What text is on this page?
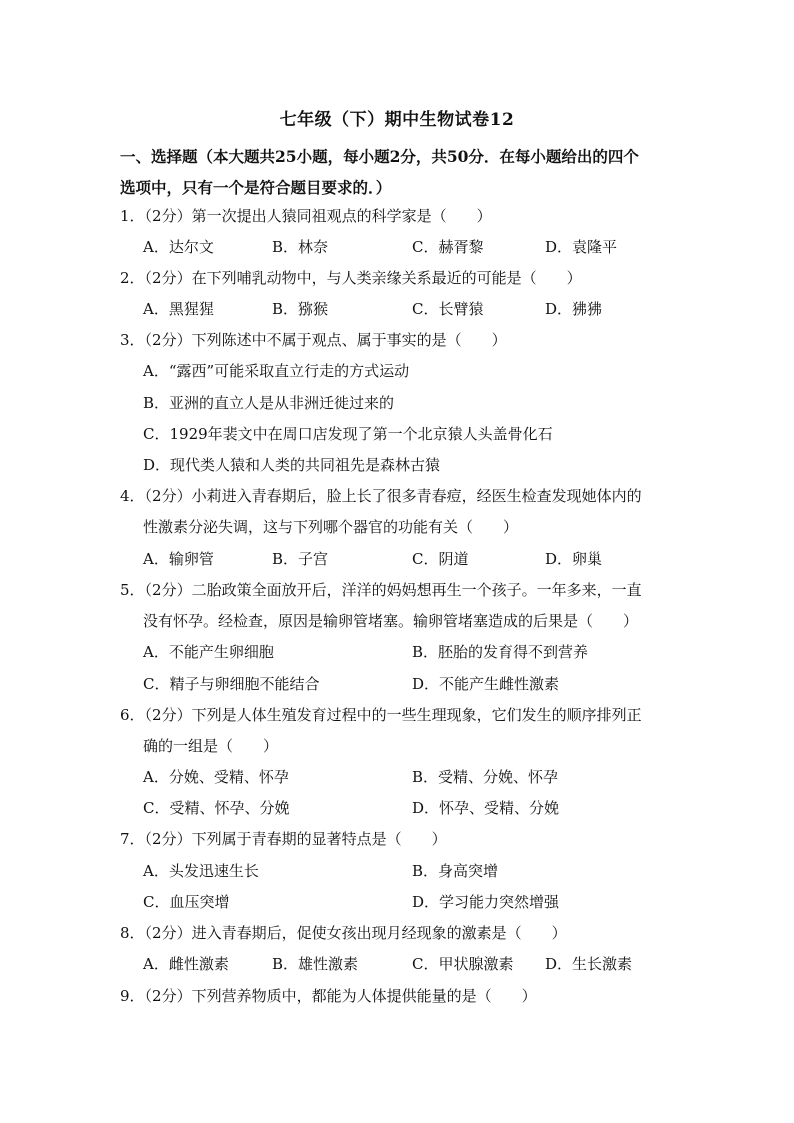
七年级（下）期中生物试卷12
一、选择题（本大题共25小题，每小题2分，共50分．在每小题给出的四个
选项中，只有一个是符合题目要求的．）
1．（2分）第一次提出人猿同祖观点的科学家是（　　）
A．达尔文	B．林奈	C．赫胥黎	D．袁隆平
2．（2分）在下列哺乳动物中，与人类亲缘关系最近的可能是（　　）
A．黑猩猩	B．猕猴	C．长臂猿	D．狒狒
3．（2分）下列陈述中不属于观点、属于事实的是（　　）
A．“露西”可能采取直立行走的方式运动
B．亚洲的直立人是从非洲迁徙过来的
C．1929年裴文中在周口店发现了第一个北京猿人头盖骨化石
D．现代类人猿和人类的共同祖先是森林古猿
4．（2分）小莉进入青春期后，脸上长了很多青春痘，经医生检查发现她体内的
性激素分泌失调，这与下列哪个器官的功能有关（　　）
A．输卵管	B．子宫	C．阴道	D．卵巢
5．（2分）二胎政策全面放开后，洋洋的妈妈想再生一个孩子。一年多来，一直
没有怀孕。经检查，原因是输卵管堵塞。输卵管堵塞造成的后果是（　　）
A．不能产生卵细胞	B．胚胎的发育得不到营养
C．精子与卵细胞不能结合	D．不能产生雌性激素
6．（2分）下列是人体生殖发育过程中的一些生理现象，它们发生的顺序排列正
确的一组是（　　）
A．分娩、受精、怀孕	B．受精、分娩、怀孕
C．受精、怀孕、分娩	D．怀孕、受精、分娩
7．（2分）下列属于青春期的显著特点是（　　）
A．头发迅速生长	B．身高突增
C．血压突增	D．学习能力突然增强
8．（2分）进入青春期后，促使女孩出现月经现象的激素是（　　）
A．雌性激素	B．雄性激素	C．甲状腺激素 D．生长激素
9．（2分）下列营养物质中，都能为人体提供能量的是（　　）
